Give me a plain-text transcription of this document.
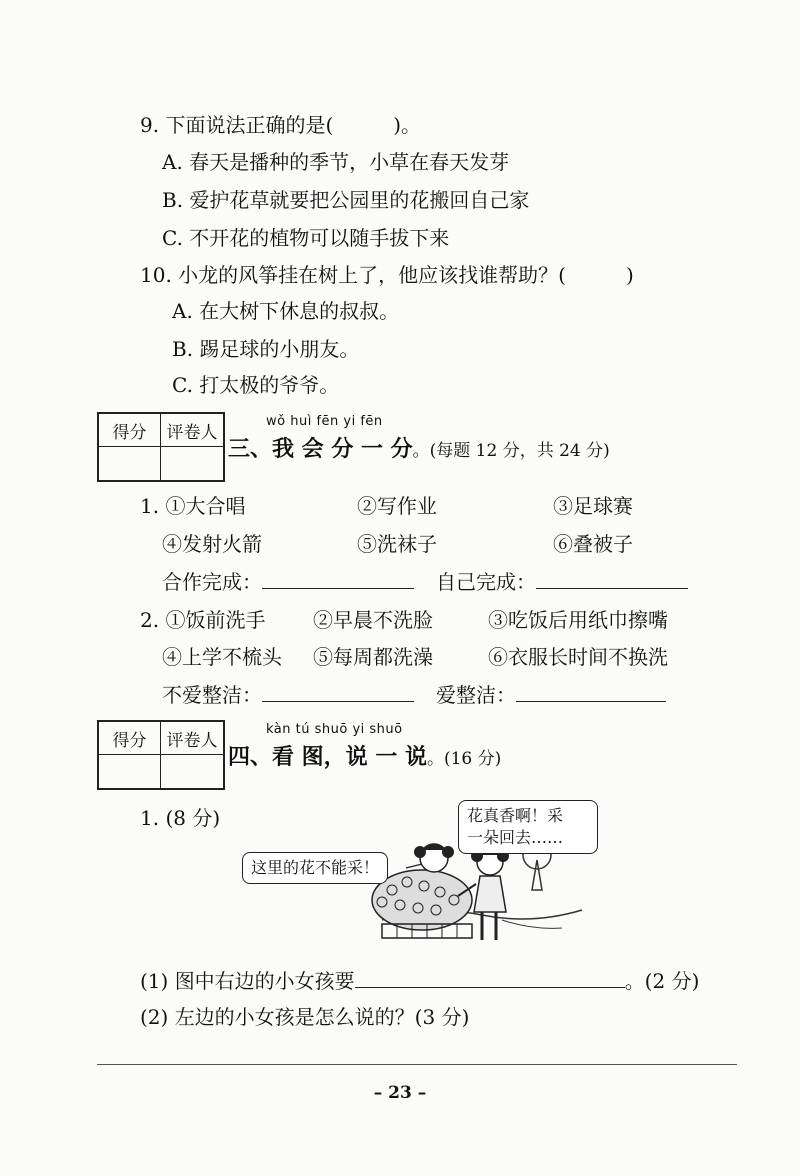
9. 下面说法正确的是(　　　)。
A. 春天是播种的季节，小草在春天发芽
B. 爱护花草就要把公园里的花搬回自己家
C. 不开花的植物可以随手拔下来
10. 小龙的风筝挂在树上了，他应该找谁帮助？(　　　)
A. 在大树下休息的叔叔。
B. 踢足球的小朋友。
C. 打太极的爷爷。
得分	评卷人
wǒ huì fēn yi fēn
三、我 会 分 一 分。(每题 12 分，共 24 分)
1. ①大合唱	②写作业	③足球赛
④发射火箭	⑤洗袜子	⑥叠被子
合作完成：	自己完成：
2. ①饭前洗手 ②早晨不洗脸	③吃饭后用纸巾擦嘴
④上学不梳头 ⑤每周都洗澡	⑥衣服长时间不换洗
不爱整洁：	爱整洁：
得分	评卷人
kàn tú shuō yi shuō
四、看 图，说 一 说。(16 分)
1. (8 分)	花真香啊！采
一朵回去……
这里的花不能采！
(1) 图中右边的小女孩要	。(2 分)
(2) 左边的小女孩是怎么说的？(3 分)
– 23 –
